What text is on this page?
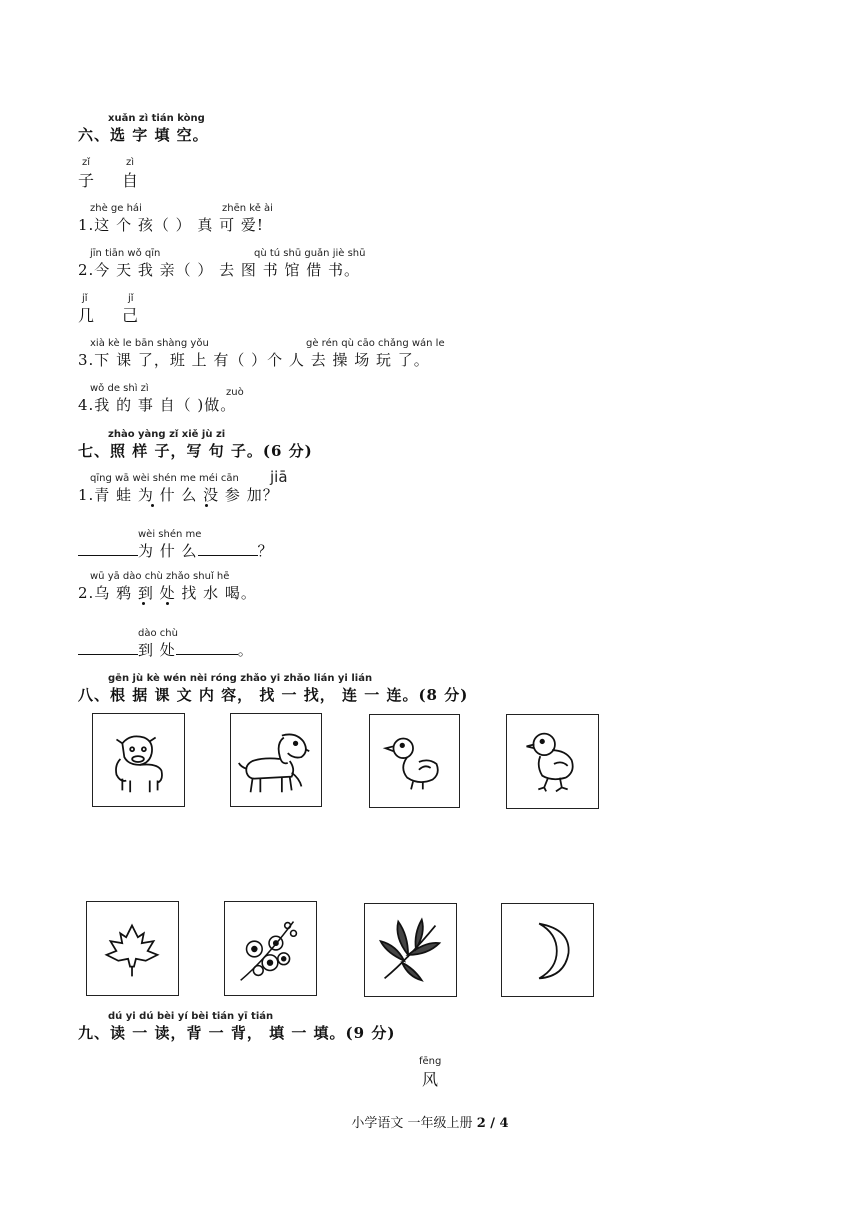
xuǎn zì tián kòng
六、选 字 填 空。
zǐ	zì
子 自
zhè ge hái	zhēn kě ài
1.这 个 孩（ ） 真 可 爱!
jīn tiān wǒ qīn	qù tú shū guǎn jiè shū
2.今 天 我 亲（ ） 去 图 书 馆 借 书。
jǐ	jǐ
几 己
xià kè le bān shàng yǒu	gè rén qù cāo chǎng wán le
3.下 课 了，班 上 有（ ）个 人 去 操 场 玩 了。
wǒ de shì zì	zuò
4.我 的 事 自（ )做。
zhào yàng zǐ xiě jù zi
七、照 样 子，写 句 子。(6 分)
qīng wā wèi shén me méi cān jiā
1.青 蛙 为 什 么 没 参 加？
wèi shén me
为 什 么	？
wū yā dào chù zhǎo shuǐ hē
2.乌 鸦 到 处 找 水 喝。
dào chù
到 处	。
gēn jù kè wén nèi róng zhǎo yi zhǎo lián yi lián
八、根 据 课 文 内 容， 找 一 找， 连 一 连。(8 分)
dú yi dú bèi yí bèi tián yī tián
九、读 一 读，背 一 背， 填 一 填。(9 分)
fēng
风
小学语文 一年级上册 2 / 4
